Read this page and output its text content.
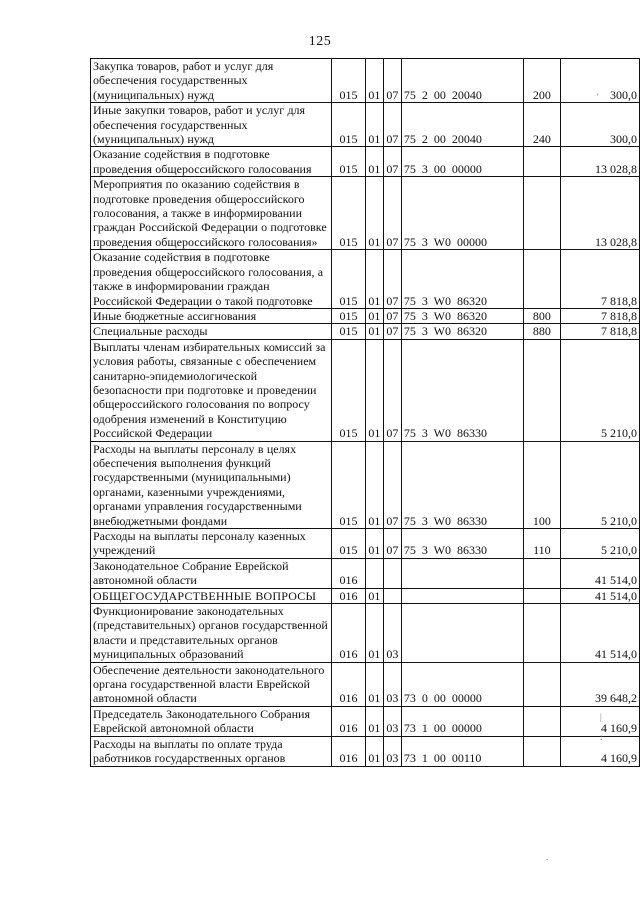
125
Закупка товаров, работ и услуг для обеспечения государственных (муниципальных) нужд	015	01	07	75 2 00 20040	200	300,0
Иные закупки товаров, работ и услуг для обеспечения государственных (муниципальных) нужд	015	01	07	75 2 00 20040	240	300,0
Оказание содействия в подготовке проведения общероссийского голосования	015	01	07	75 3 00 00000		13 028,8
Мероприятия по оказанию содействия в подготовке проведения общероссийского голосования, а также в информировании граждан Российской Федерации о подготовке проведения общероссийского голосования»	015	01	07	75 3 W0 00000		13 028,8
Оказание содействия в подготовке проведения общероссийского голосования, а также в информировании граждан Российской Федерации о такой подготовке	015	01	07	75 3 W0 86320		7 818,8
Иные бюджетные ассигнования	015	01	07	75 3 W0 86320	800	7 818,8
Специальные расходы	015	01	07	75 3 W0 86320	880	7 818,8
Выплаты членам избирательных комиссий за условия работы, связанные с обеспечением санитарно-эпидемиологической безопасности при подготовке и проведении общероссийского голосования по вопросу одобрения изменений в Конституцию Российской Федерации	015	01	07	75 3 W0 86330		5 210,0
Расходы на выплаты персоналу в целях обеспечения выполнения функций государственными (муниципальными) органами, казенными учреждениями, органами управления государственными внебюджетными фондами	015	01	07	75 3 W0 86330	100	5 210,0
Расходы на выплаты персоналу казенных учреждений	015	01	07	75 3 W0 86330	110	5 210,0
Законодательное Собрание Еврейской автономной области	016					41 514,0
ОБЩЕГОСУДАРСТВЕННЫЕ ВОПРОСЫ	016	01				41 514,0
Функционирование законодательных (представительных) органов государственной власти и представительных органов муниципальных образований	016	01	03			41 514,0
Обеспечение деятельности законодательного органа государственной власти Еврейской автономной области	016	01	03	73 0 00 00000		39 648,2
Председатель Законодательного Собрания Еврейской автономной области	016	01	03	73 1 00 00000		4 160,9
Расходы на выплаты по оплате труда работников государственных органов	016	01	03	73 1 00 00110		4 160,9
'
|
:
.
